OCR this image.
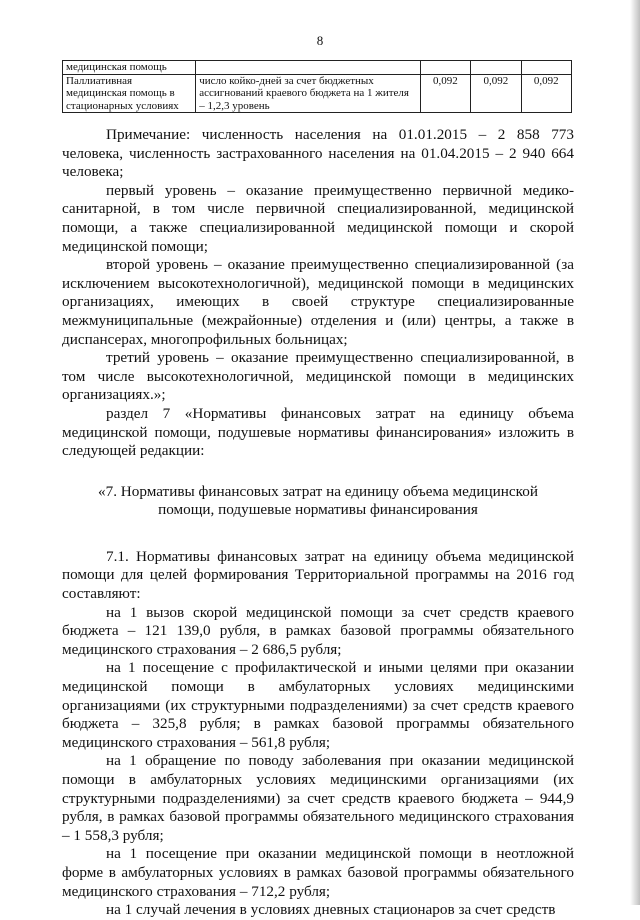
8
медицинская помощь				
Паллиативная медицинская помощь в стационарных условиях	число койко-дней за счет бюджетных ассигнований краевого бюджета на 1 жителя – 1,2,3 уровень	0,092	0,092	0,092

Примечание: численность населения на 01.01.2015 – 2 858 773 человека, численность застрахованного населения на 01.04.2015 – 2 940 664 человека;

первый уровень – оказание преимущественно первичной медико-санитарной, в том числе первичной специализированной, медицинской помощи, а также специализированной медицинской помощи и скорой медицинской помощи;

второй уровень – оказание преимущественно специализированной (за исключением высокотехнологичной), медицинской помощи в медицинских организациях, имеющих в своей структуре специализированные межмуниципальные (межрайонные) отделения и (или) центры, а также в диспансерах, многопрофильных больницах;

третий уровень – оказание преимущественно специализированной, в том числе высокотехнологичной, медицинской помощи в медицинских организациях.»;

раздел 7 «Нормативы финансовых затрат на единицу объема медицинской помощи, подушевые нормативы финансирования» изложить в следующей редакции:

«7. Нормативы финансовых затрат на единицу объема медицинской помощи, подушевые нормативы финансирования

7.1. Нормативы финансовых затрат на единицу объема медицинской помощи для целей формирования Территориальной программы на 2016 год составляют:

на 1 вызов скорой медицинской помощи за счет средств краевого бюджета – 121 139,0 рубля, в рамках базовой программы обязательного медицинского страхования – 2 686,5 рубля;

на 1 посещение с профилактической и иными целями при оказании медицинской помощи в амбулаторных условиях медицинскими организациями (их структурными подразделениями) за счет средств краевого бюджета – 325,8 рубля; в рамках базовой программы обязательного медицинского страхования – 561,8 рубля;

на 1 обращение по поводу заболевания при оказании медицинской помощи в амбулаторных условиях медицинскими организациями (их структурными подразделениями) за счет средств краевого бюджета – 944,9 рубля, в рамках базовой программы обязательного медицинского страхования – 1 558,3 рубля;

на 1 посещение при оказании медицинской помощи в неотложной форме в амбулаторных условиях в рамках базовой программы обязательного медицинского страхования – 712,2 рубля;

на 1 случай лечения в условиях дневных стационаров за счет средств
